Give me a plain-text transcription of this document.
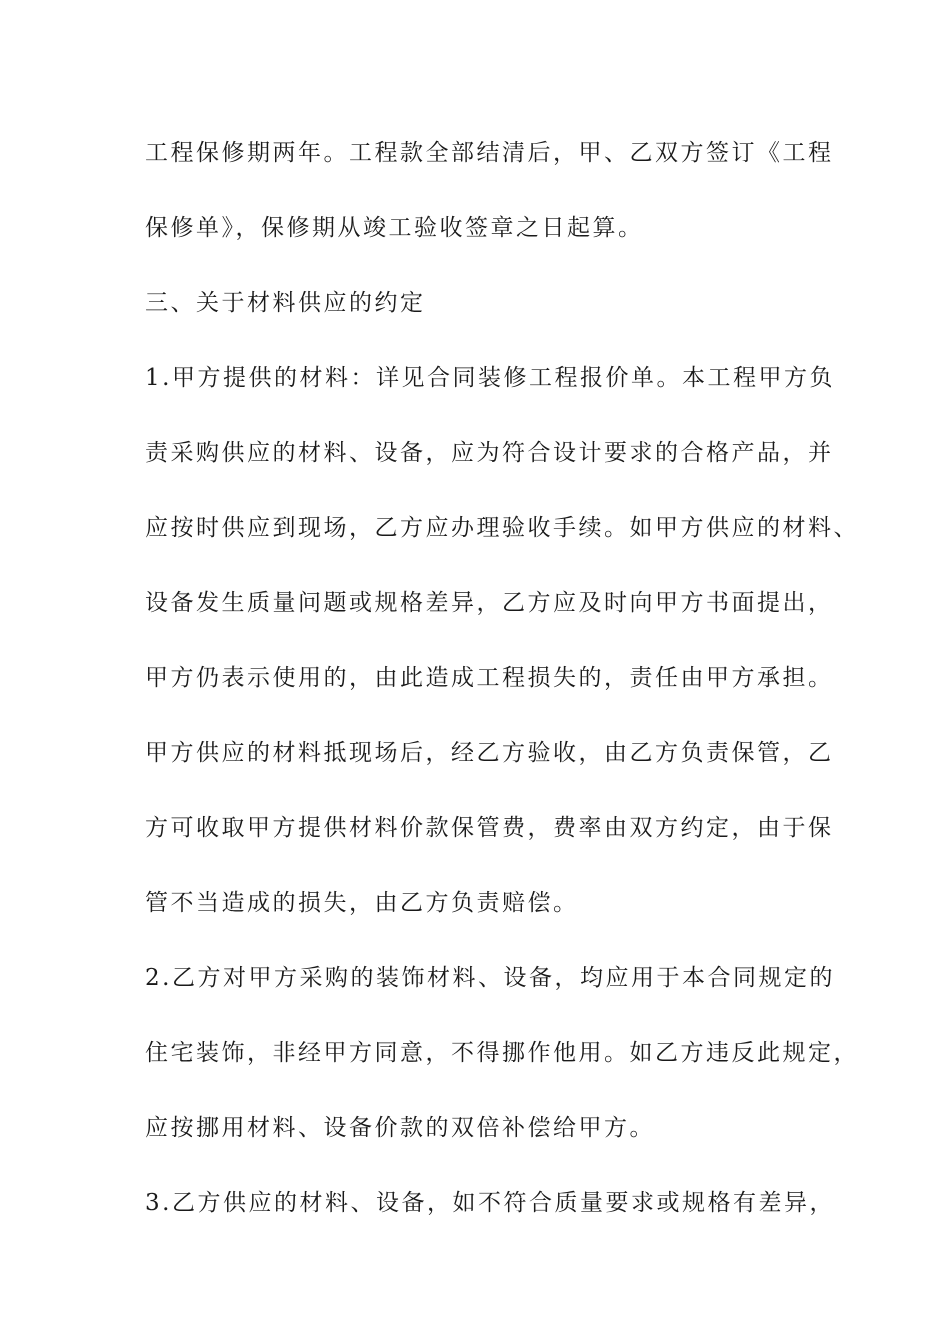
工程保修期两年。工程款全部结清后，甲、乙双方签订《工程
保修单》，保修期从竣工验收签章之日起算。
三、关于材料供应的约定
1.甲方提供的材料：详见合同装修工程报价单。本工程甲方负
责采购供应的材料、设备，应为符合设计要求的合格产品，并
应按时供应到现场，乙方应办理验收手续。如甲方供应的材料、
设备发生质量问题或规格差异，乙方应及时向甲方书面提出，
甲方仍表示使用的，由此造成工程损失的，责任由甲方承担。
甲方供应的材料抵现场后，经乙方验收，由乙方负责保管，乙
方可收取甲方提供材料价款保管费，费率由双方约定，由于保
管不当造成的损失，由乙方负责赔偿。
2.乙方对甲方采购的装饰材料、设备，均应用于本合同规定的
住宅装饰，非经甲方同意，不得挪作他用。如乙方违反此规定，
应按挪用材料、设备价款的双倍补偿给甲方。
3.乙方供应的材料、设备，如不符合质量要求或规格有差异，
